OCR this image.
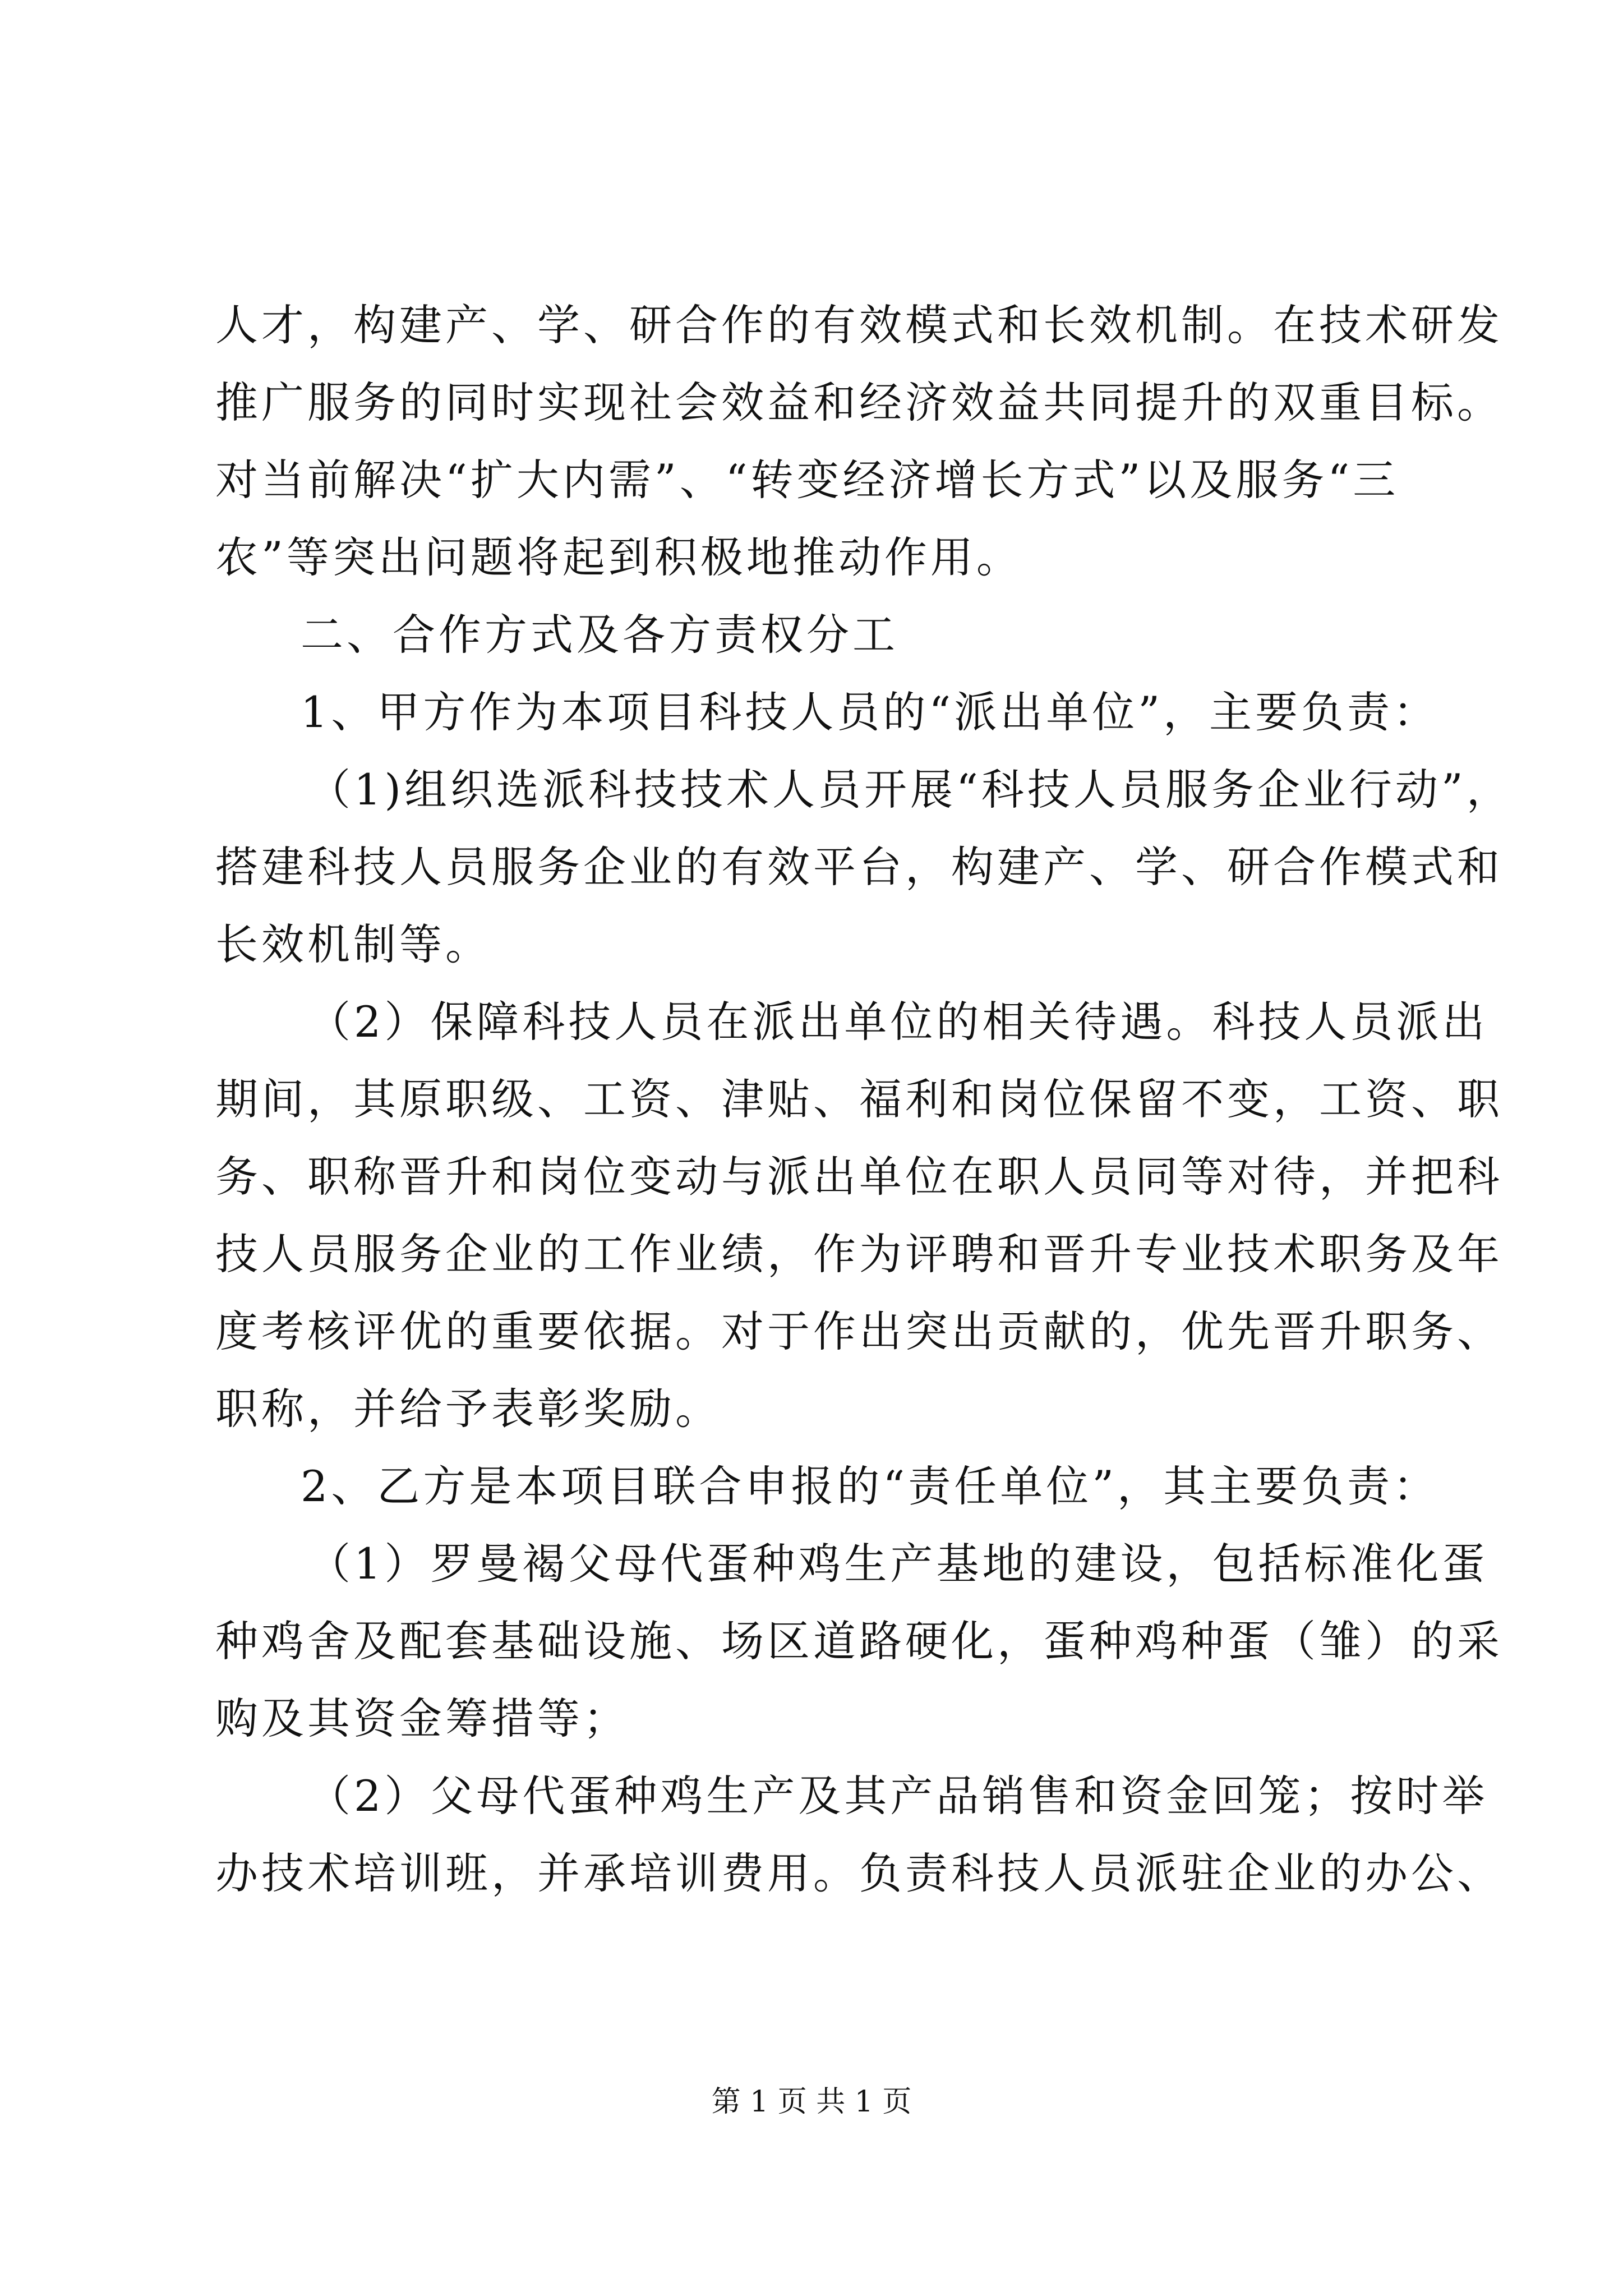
人才，构建产、学、研合作的有效模式和长效机制。在技术研发
推广服务的同时实现社会效益和经济效益共同提升的双重目标。
对当前解决“扩大内需”、“转变经济增长方式”以及服务“三
农”等突出问题将起到积极地推动作用。
二、合作方式及各方责权分工
1、甲方作为本项目科技人员的“派出单位”，主要负责：
（1)组织选派科技技术人员开展“科技人员服务企业行动”，
搭建科技人员服务企业的有效平台，构建产、学、研合作模式和
长效机制等。
（2）保障科技人员在派出单位的相关待遇。科技人员派出
期间，其原职级、工资、津贴、福利和岗位保留不变，工资、职
务、职称晋升和岗位变动与派出单位在职人员同等对待，并把科
技人员服务企业的工作业绩，作为评聘和晋升专业技术职务及年
度考核评优的重要依据。对于作出突出贡献的，优先晋升职务、
职称，并给予表彰奖励。
2、乙方是本项目联合申报的“责任单位”，其主要负责：
（1）罗曼褐父母代蛋种鸡生产基地的建设，包括标准化蛋
种鸡舍及配套基础设施、场区道路硬化，蛋种鸡种蛋（雏）的采
购及其资金筹措等；
（2）父母代蛋种鸡生产及其产品销售和资金回笼；按时举
办技术培训班，并承培训费用。负责科技人员派驻企业的办公、
第 1 页 共 1 页
